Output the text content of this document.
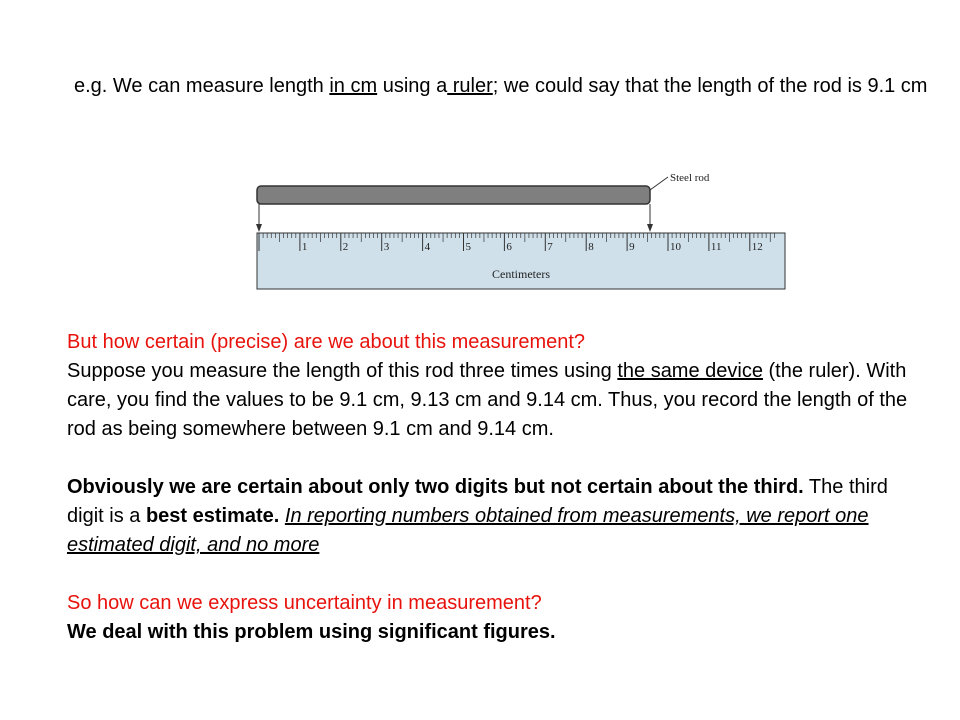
e.g. We can measure length in cm using a ruler; we could say that the length of the rod is 9.1 cm
Steel rod
1	2	3	4	5	6	7	8	9	10	11	12
Centimeters

But how certain (precise) are we about this measurement?

Suppose you measure the length of this rod three times using the same device (the ruler). With care, you find the values to be 9.1 cm, 9.13 cm and 9.14 cm. Thus, you record the length of the rod as being somewhere between 9.1 cm and 9.14 cm.

Obviously we are certain about only two digits but not certain about the third. The third digit is a best estimate. In reporting numbers obtained from measurements, we report one estimated digit, and no more

So how can we express uncertainty in measurement?

We deal with this problem using significant figures.
